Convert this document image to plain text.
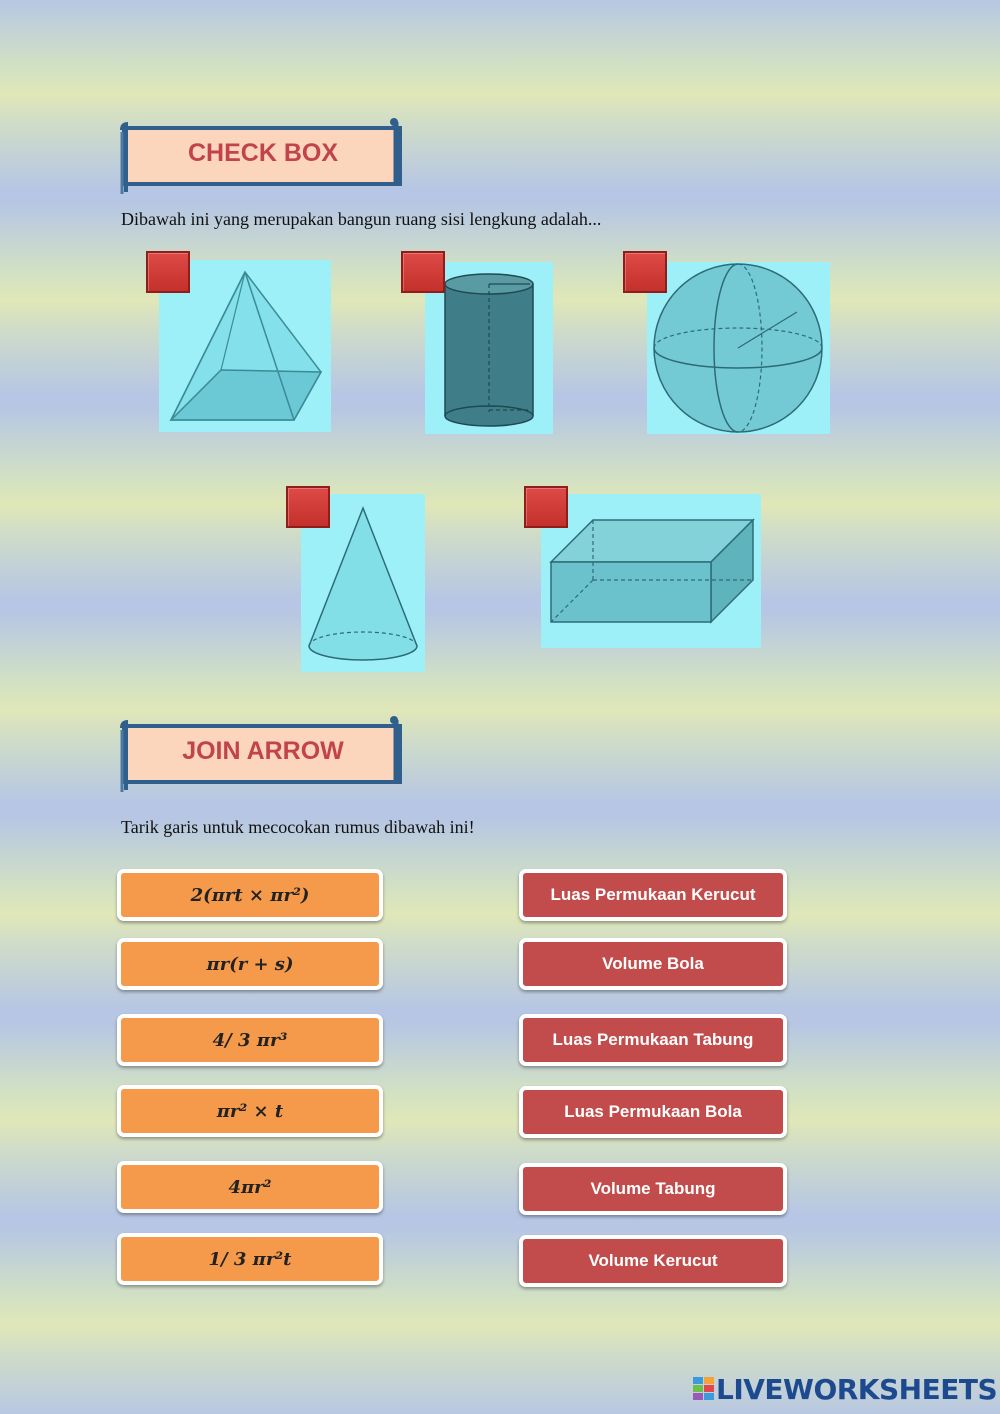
CHECK BOX
Dibawah ini yang merupakan bangun ruang sisi lengkung adalah...
JOIN ARROW
Tarik garis untuk mecocokan rumus dibawah ini!
2(πrt × πr²)
πr(r + s)
4/ 3 πr³
πr² × t
4πr²
1/ 3 πr²t
Luas Permukaan Kerucut
Volume Bola
Luas Permukaan Tabung
Luas Permukaan Bola
Volume Tabung
Volume Kerucut
LIVEWORKSHEETS
